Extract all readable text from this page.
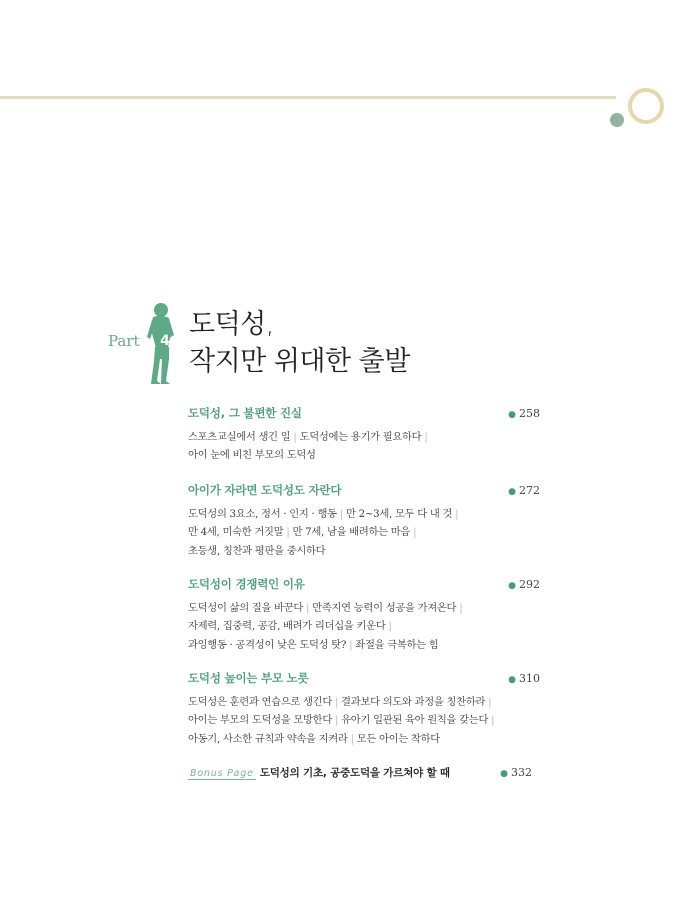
Part 4
도덕성,
작지만 위대한 출발
도덕성, 그 불편한 진실	● 258
스포츠교실에서 생긴 일 | 도덕성에는 용기가 필요하다 |
아이 눈에 비친 부모의 도덕성
아이가 자라면 도덕성도 자란다	● 272
도덕성의 3요소, 정서 · 인지 · 행동 | 만 2~3세, 모두 다 내 것 |
만 4세, 미숙한 거짓말 | 만 7세, 남을 배려하는 마음 |
초등생, 칭찬과 평판을 중시하다
도덕성이 경쟁력인 이유	● 292
도덕성이 삶의 질을 바꾼다 | 만족지연 능력이 성공을 가져온다 |
자제력, 집중력, 공감, 배려가 리더십을 키운다 |
과잉행동 · 공격성이 낮은 도덕성 탓? | 좌절을 극복하는 힘
도덕성 높이는 부모 노릇	● 310
도덕성은 훈련과 연습으로 생긴다 | 결과보다 의도와 과정을 칭찬하라 |
아이는 부모의 도덕성을 모방한다 | 유아기 일관된 육아 원칙을 갖는다 |
아동기, 사소한 규칙과 약속을 지켜라 | 모든 아이는 착하다
Bonus Page 도덕성의 기초, 공중도덕을 가르쳐야 할 때	● 332
